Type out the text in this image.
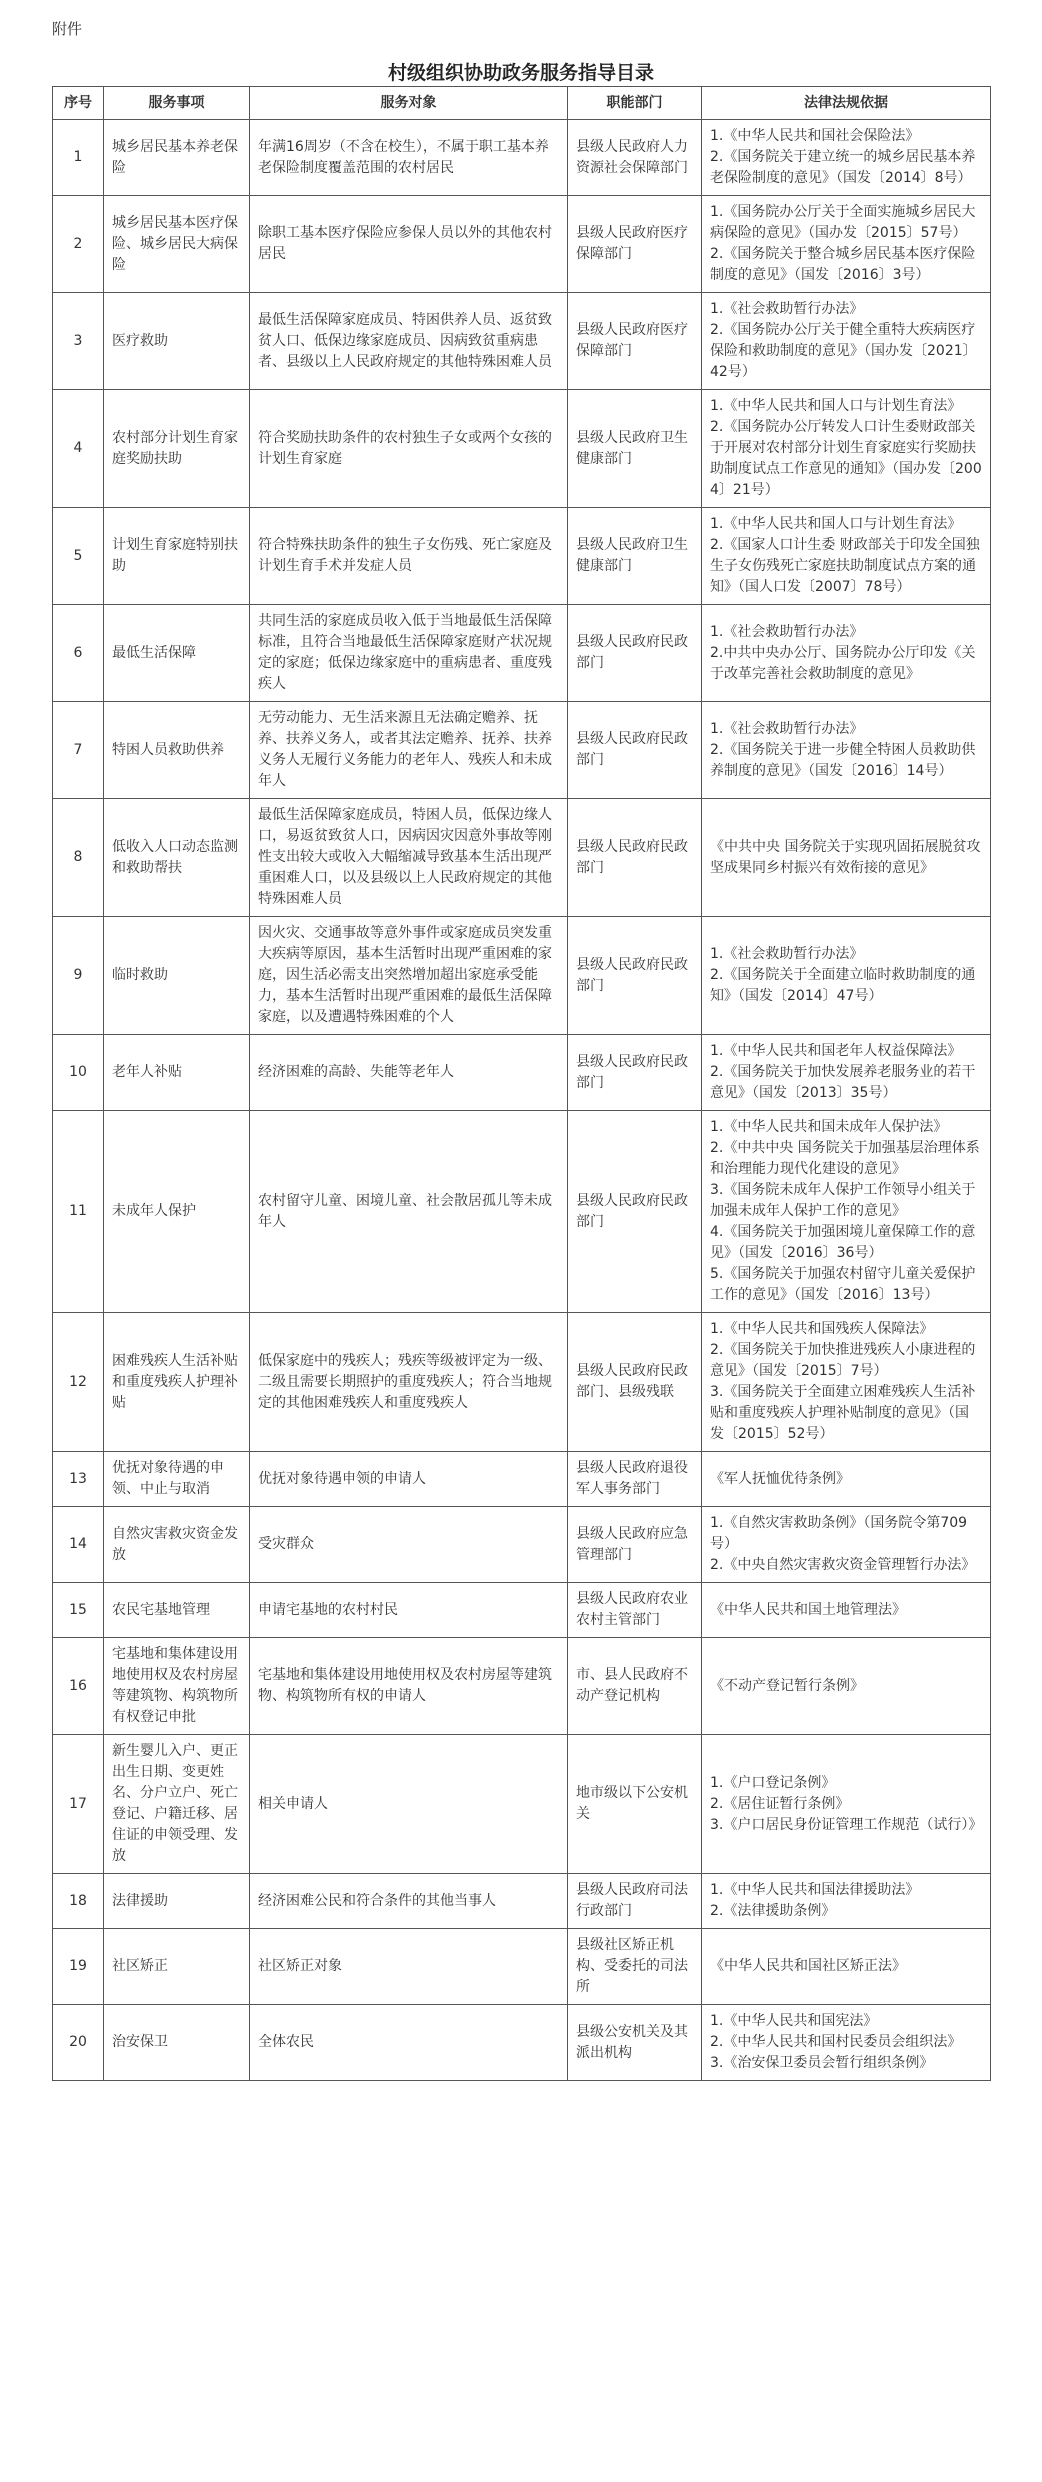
附件
村级组织协助政务服务指导目录
序号	服务事项	服务对象	职能部门	法律法规依据
1	城乡居民基本养老保险	年满16周岁（不含在校生），不属于职工基本养老保险制度覆盖范围的农村居民	县级人民政府人力资源社会保障部门	1.《中华人民共和国社会保险法》
2.《国务院关于建立统一的城乡居民基本养老保险制度的意见》（国发〔2014〕8号）

2	城乡居民基本医疗保险、城乡居民大病保险	除职工基本医疗保险应参保人员以外的其他农村居民	县级人民政府医疗保障部门	1.《国务院办公厅关于全面实施城乡居民大病保险的意见》（国办发〔2015〕57号）
2.《国务院关于整合城乡居民基本医疗保险制度的意见》（国发〔2016〕3号）

3	医疗救助	最低生活保障家庭成员、特困供养人员、返贫致贫人口、低保边缘家庭成员、因病致贫重病患者、县级以上人民政府规定的其他特殊困难人员	县级人民政府医疗保障部门	1.《社会救助暂行办法》
2.《国务院办公厅关于健全重特大疾病医疗保险和救助制度的意见》（国办发〔2021〕42号）

4	农村部分计划生育家庭奖励扶助	符合奖励扶助条件的农村独生子女或两个女孩的计划生育家庭	县级人民政府卫生健康部门	1.《中华人民共和国人口与计划生育法》
2.《国务院办公厅转发人口计生委财政部关于开展对农村部分计划生育家庭实行奖励扶助制度试点工作意见的通知》（国办发〔2004〕21号）

5	计划生育家庭特别扶助	符合特殊扶助条件的独生子女伤残、死亡家庭及计划生育手术并发症人员	县级人民政府卫生健康部门	1.《中华人民共和国人口与计划生育法》
2.《国家人口计生委 财政部关于印发全国独生子女伤残死亡家庭扶助制度试点方案的通知》（国人口发〔2007〕78号）

6	最低生活保障	共同生活的家庭成员收入低于当地最低生活保障标准，且符合当地最低生活保障家庭财产状况规定的家庭；低保边缘家庭中的重病患者、重度残疾人	县级人民政府民政部门	1.《社会救助暂行办法》
2.中共中央办公厅、国务院办公厅印发《关于改革完善社会救助制度的意见》

7	特困人员救助供养	无劳动能力、无生活来源且无法确定赡养、抚养、扶养义务人，或者其法定赡养、抚养、扶养义务人无履行义务能力的老年人、残疾人和未成年人	县级人民政府民政部门	1.《社会救助暂行办法》
2.《国务院关于进一步健全特困人员救助供养制度的意见》（国发〔2016〕14号）

8	低收入人口动态监测和救助帮扶	最低生活保障家庭成员，特困人员，低保边缘人口，易返贫致贫人口，因病因灾因意外事故等刚性支出较大或收入大幅缩减导致基本生活出现严重困难人口，以及县级以上人民政府规定的其他特殊困难人员	县级人民政府民政部门	《中共中央 国务院关于实现巩固拓展脱贫攻坚成果同乡村振兴有效衔接的意见》

9	临时救助	因火灾、交通事故等意外事件或家庭成员突发重大疾病等原因，基本生活暂时出现严重困难的家庭，因生活必需支出突然增加超出家庭承受能力，基本生活暂时出现严重困难的最低生活保障家庭，以及遭遇特殊困难的个人	县级人民政府民政部门	1.《社会救助暂行办法》
2.《国务院关于全面建立临时救助制度的通知》（国发〔2014〕47号）

10	老年人补贴	经济困难的高龄、失能等老年人	县级人民政府民政部门	1.《中华人民共和国老年人权益保障法》
2.《国务院关于加快发展养老服务业的若干意见》（国发〔2013〕35号）

11	未成年人保护	农村留守儿童、困境儿童、社会散居孤儿等未成年人	县级人民政府民政部门	1.《中华人民共和国未成年人保护法》
2.《中共中央 国务院关于加强基层治理体系和治理能力现代化建设的意见》
3.《国务院未成年人保护工作领导小组关于加强未成年人保护工作的意见》
4.《国务院关于加强困境儿童保障工作的意见》（国发〔2016〕36号）
5.《国务院关于加强农村留守儿童关爱保护工作的意见》（国发〔2016〕13号）

12	困难残疾人生活补贴和重度残疾人护理补贴	低保家庭中的残疾人；残疾等级被评定为一级、二级且需要长期照护的重度残疾人；符合当地规定的其他困难残疾人和重度残疾人	县级人民政府民政部门、县级残联	1.《中华人民共和国残疾人保障法》
2.《国务院关于加快推进残疾人小康进程的意见》（国发〔2015〕7号）
3.《国务院关于全面建立困难残疾人生活补贴和重度残疾人护理补贴制度的意见》（国发〔2015〕52号）

13	优抚对象待遇的申领、中止与取消	优抚对象待遇申领的申请人	县级人民政府退役军人事务部门	《军人抚恤优待条例》

14	自然灾害救灾资金发放	受灾群众	县级人民政府应急管理部门	1.《自然灾害救助条例》（国务院令第709号）
2.《中央自然灾害救灾资金管理暂行办法》

15	农民宅基地管理	申请宅基地的农村村民	县级人民政府农业农村主管部门	《中华人民共和国土地管理法》

16	宅基地和集体建设用地使用权及农村房屋等建筑物、构筑物所有权登记申批	宅基地和集体建设用地使用权及农村房屋等建筑物、构筑物所有权的申请人	市、县人民政府不动产登记机构	《不动产登记暂行条例》

17	新生婴儿入户、更正出生日期、变更姓名、分户立户、死亡登记、户籍迁移、居住证的申领受理、发放	相关申请人	地市级以下公安机关	1.《户口登记条例》
2.《居住证暂行条例》
3.《户口居民身份证管理工作规范（试行）》

18	法律援助	经济困难公民和符合条件的其他当事人	县级人民政府司法行政部门	1.《中华人民共和国法律援助法》
2.《法律援助条例》

19	社区矫正	社区矫正对象	县级社区矫正机构、受委托的司法所	《中华人民共和国社区矫正法》

20	治安保卫	全体农民	县级公安机关及其派出机构	1.《中华人民共和国宪法》
2.《中华人民共和国村民委员会组织法》
3.《治安保卫委员会暂行组织条例》
